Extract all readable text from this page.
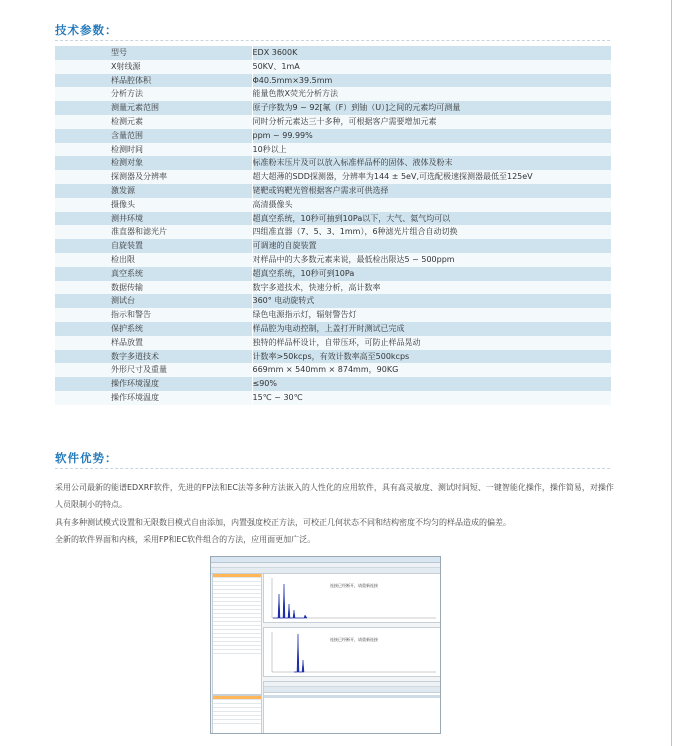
技术参数：
型号	EDX 3600K
X射线源	50KV、1mA
样品腔体积	Φ40.5mm×39.5mm
分析方法	能量色散X荧光分析方法
测量元素范围	原子序数为9 ~ 92[氟（F）到铀（U）]之间的元素均可测量
检测元素	同时分析元素达三十多种，可根据客户需要增加元素
含量范围	ppm ~ 99.99%
检测时间	10秒以上
检测对象	标准粉末压片及可以放入标准样品杯的固体、液体及粉末
探测器及分辨率	超大超薄的SDD探测器，分辨率为144 ± 5eV,可选配极速探测器最低至125eV
激发源	铑靶或钨靶光管根据客户需求可供选择
摄像头	高清摄像头
测井环境	超真空系统，10秒可抽到10Pa以下，大气、氦气均可以
准直器和滤光片	四组准直器（7、5、3、1mm），6种滤光片组合自动切换
自旋装置	可调速的自旋装置
检出限	对样品中的大多数元素来说，最低检出限达5 ~ 500ppm
真空系统	超真空系统，10秒可到10Pa
数据传输	数字多道技术，快速分析，高计数率
测试台	360° 电动旋转式
指示和警告	绿色电源指示灯，辐射警告灯
保护系统	样品腔为电动控制，上盖打开时测试已完成
样品放置	独特的样品杯设计，自带压环，可防止样品晃动
数字多道技术	计数率>50kcps，有效计数率高至500kcps
外形尺寸及重量	669mm × 540mm × 874mm，90KG
操作环境湿度	≤90%
操作环境温度	15℃ ~ 30℃
软件优势：
采用公司最新的能谱EDXRF软件，先进的FP法和EC法等多种方法嵌入的人性化的应用软件，具有高灵敏度、测试时间短、一键智能化操作，操作简易，对操作人员限制小的特点。
具有多种测试模式设置和无限数目模式自由添加，内置强度校正方法，可校正几何状态不同和结构密度不均匀的样品造成的偏差。
全新的软件界面和内核，采用FP和EC软件组合的方法，应用面更加广泛。
连接已经断开，请重新连接
连接已经断开，请重新连接
